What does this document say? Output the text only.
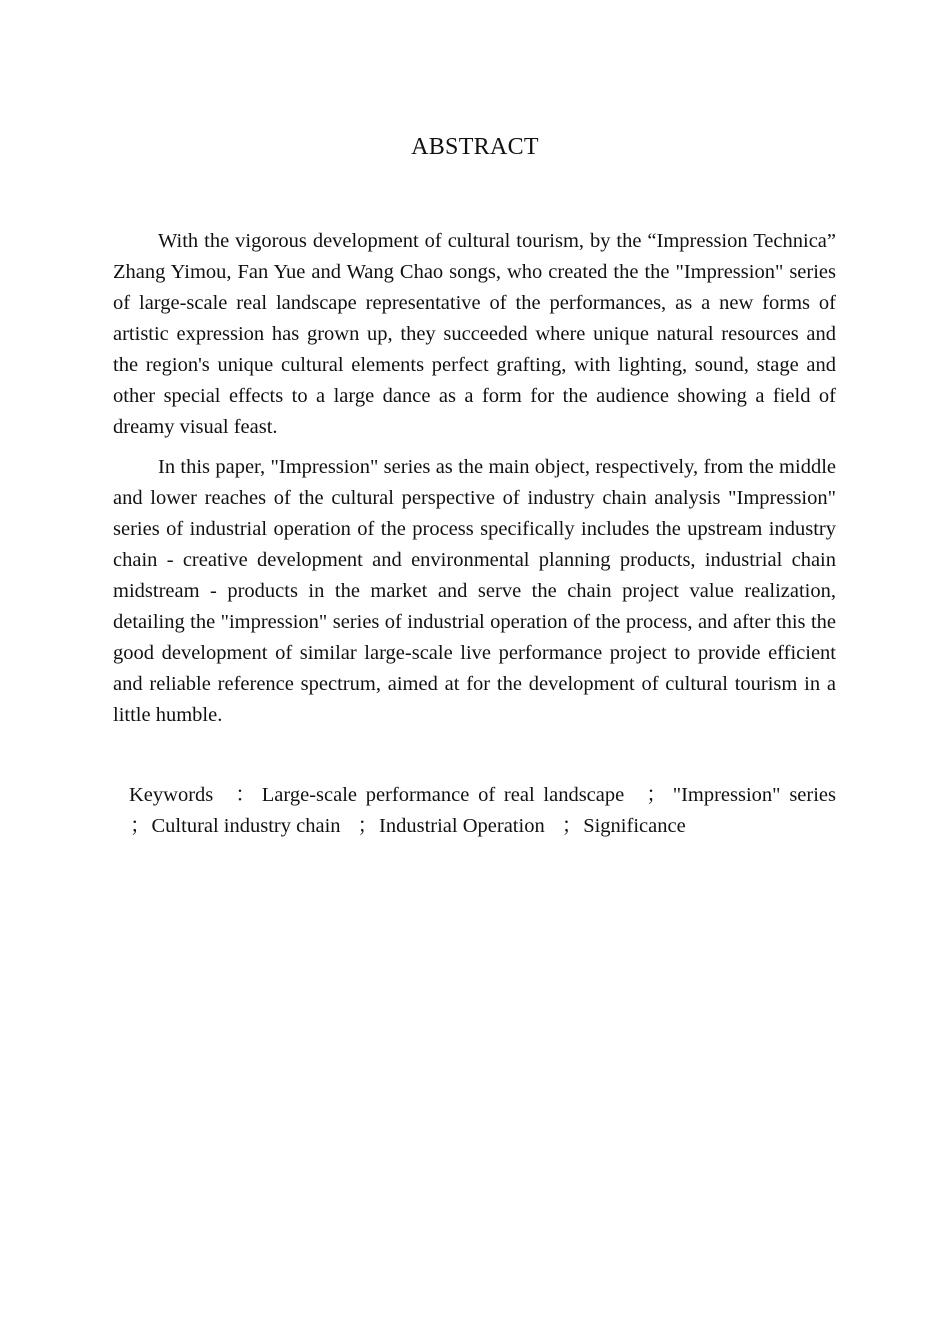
ABSTRACT

With the vigorous development of cultural tourism, by the “Impression Technica” Zhang Yimou, Fan Yue and Wang Chao songs, who created the the "Impression" series of large-scale real landscape representative of the performances, as a new forms of artistic expression has grown up, they succeeded where unique natural resources and the region's unique cultural elements perfect grafting, with lighting, sound, stage and other special effects to a large dance as a form for the audience showing a field of dreamy visual feast.

In this paper, "Impression" series as the main object, respectively, from the middle and lower reaches of the cultural perspective of industry chain analysis "Impression" series of industrial operation of the process specifically includes the upstream industry chain - creative development and environmental planning products, industrial chain midstream - products in the market and serve the chain project value realization, detailing the "impression" series of industrial operation of the process, and after this the good development of similar large-scale live performance project to provide efficient and reliable reference spectrum, aimed at for the development of cultural tourism in a little humble.

Keywords ： Large-scale performance of real landscape ； "Impression" series；Cultural industry chain ；Industrial Operation ；Significance
